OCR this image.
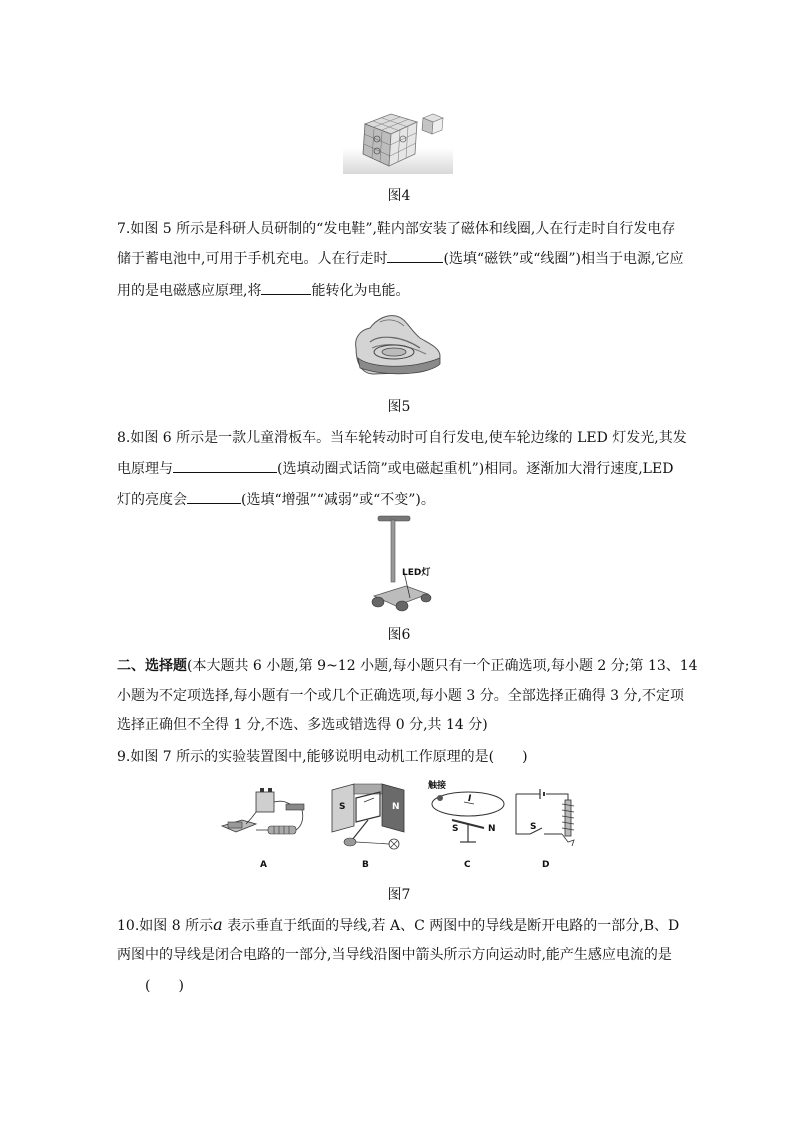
图4
7.如图 5 所示是科研人员研制的“发电鞋”,鞋内部安装了磁体和线圈,人在行走时自行发电存
储于蓄电池中,可用于手机充电。人在行走时	(选填“磁铁”或“线圈”)相当于电源,它应
用的是电磁感应原理,将	能转化为电能。
图5
8.如图 6 所示是一款儿童滑板车。当车轮转动时可自行发电,使车轮边缘的 LED 灯发光,其发
电原理与	(选填动圈式话筒”或电磁起重机”)相同。逐渐加大滑行速度,LED
灯的亮度会	(选填“增强”“减弱”或“不变”)。
LED灯
图6
二、选择题(本大题共 6 小题,第 9~12 小题,每小题只有一个正确选项,每小题 2 分;第 13、14
小题为不定项选择,每小题有一个或几个正确选项,每小题 3 分。全部选择正确得 3 分,不定项
选择正确但不全得 1 分,不选、多选或错选得 0 分,共 14 分)
9.如图 7 所示的实验装置图中,能够说明电动机工作原理的是(　　)
A
S	N
B
触接
I
S	N
C
S
D
图7
10.如图 8 所示a 表示垂直于纸面的导线,若 A、C 两图中的导线是断开电路的一部分,B、D
两图中的导线是闭合电路的一部分,当导线沿图中箭头所示方向运动时,能产生感应电流的是
(　　)
